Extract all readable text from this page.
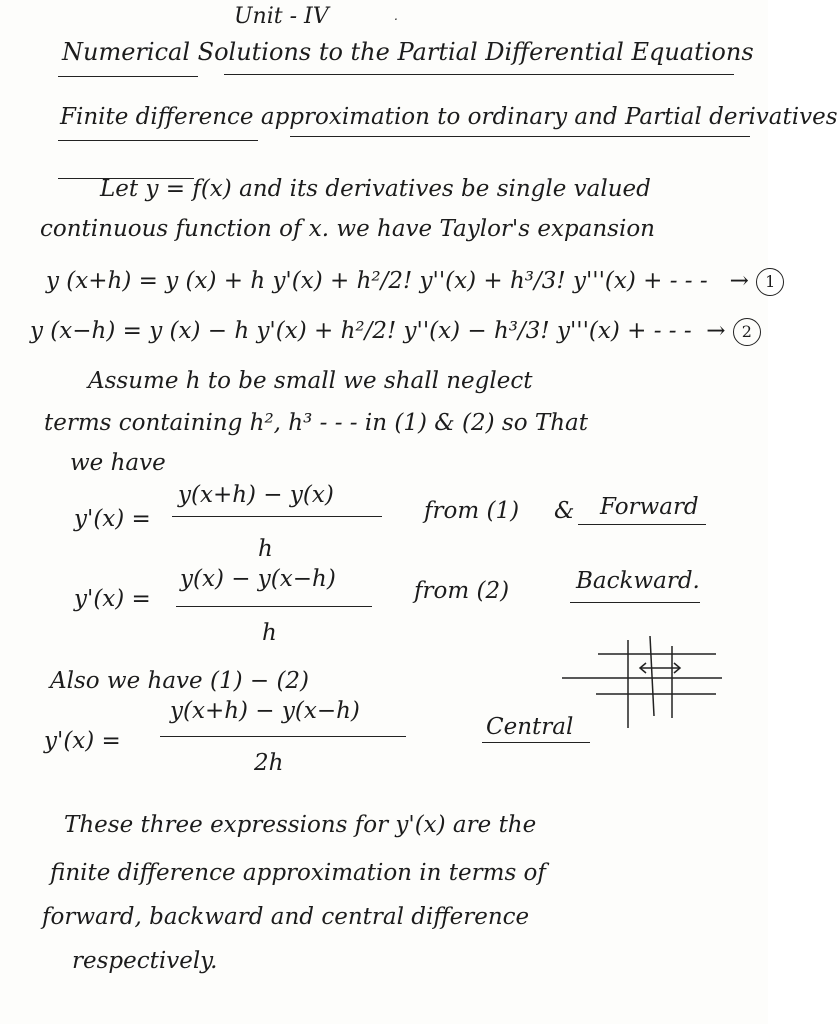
Unit - IV	.
Numerical Solutions to the Partial Differential Equations
Finite difference approximation to ordinary and Partial derivatives
Let y = f(x) and its derivatives be single valued
continuous function of x. we have Taylor's expansion
y (x+h) = y (x) + h y'(x) + h²/2! y''(x) + h³/3! y'''(x) + - - -   → 1
y (x−h) = y (x) − h y'(x) + h²/2! y''(x) − h³/3! y'''(x) + - - -  → 2
Assume h to be small we shall neglect
terms containing h², h³ - - - in (1) & (2) so That
we have
y'(x) =
y(x+h) − y(x)
h
from (1) & Forward
y'(x) =
y(x) − y(x−h)
h
from (2)	Backward.
Also we have (1) − (2)
y'(x) =
y(x+h) − y(x−h)
2h
Central
These three expressions for y'(x) are the
finite difference approximation in terms of
forward, backward and central difference
respectively.
